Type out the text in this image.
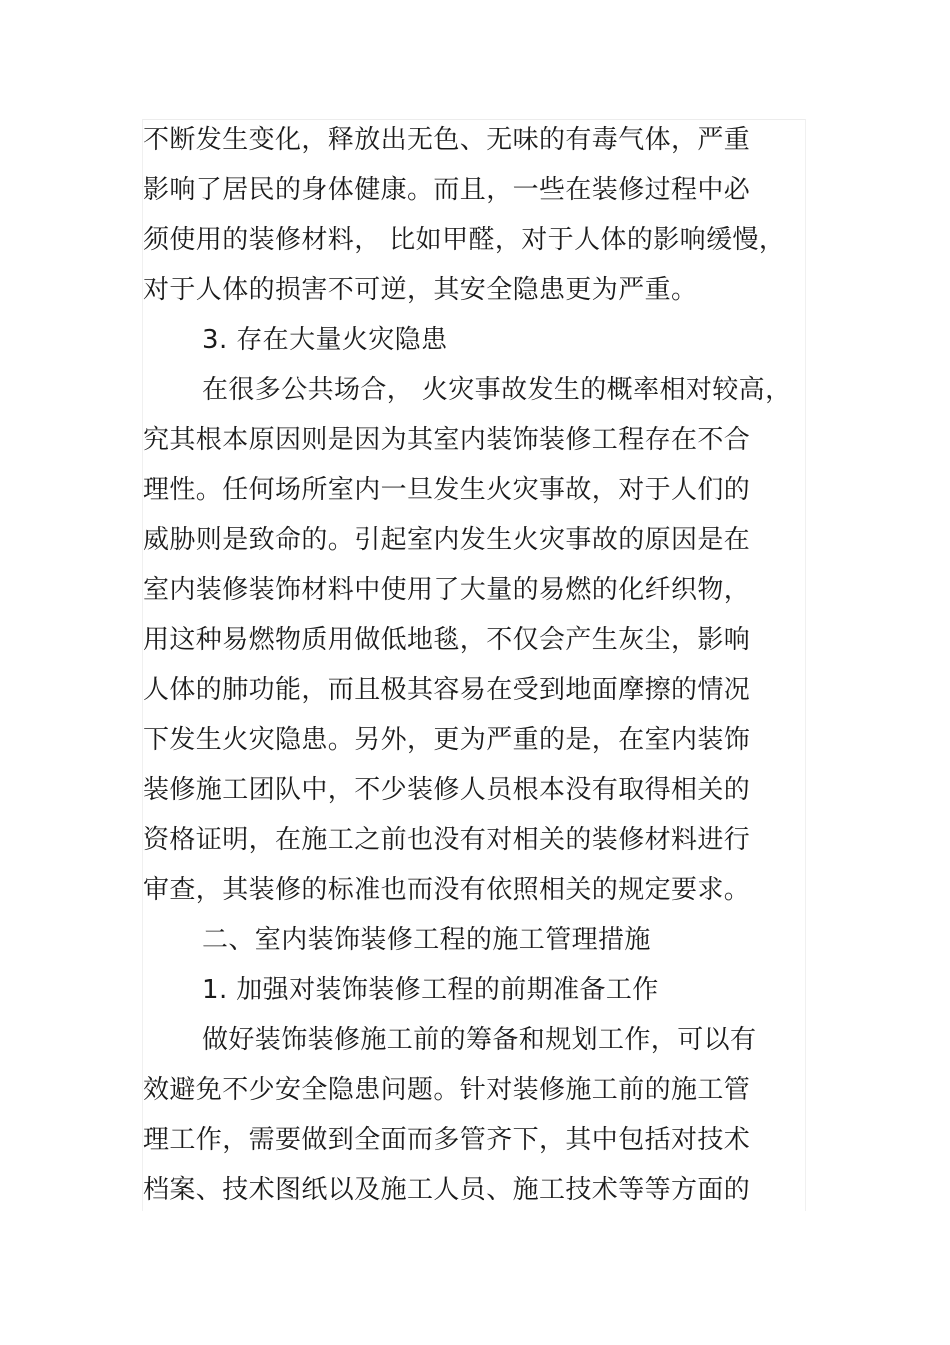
不断发生变化，释放出无色、无味的有毒气体，严重
影响了居民的身体健康。而且，一些在装修过程中必
须使用的装修材料， 比如甲醛，对于人体的影响缓慢，
对于人体的损害不可逆，其安全隐患更为严重。
3. 存在大量火灾隐患
在很多公共场合， 火灾事故发生的概率相对较高，
究其根本原因则是因为其室内装饰装修工程存在不合
理性。任何场所室内一旦发生火灾事故，对于人们的
威胁则是致命的。引起室内发生火灾事故的原因是在
室内装修装饰材料中使用了大量的易燃的化纤织物，
用这种易燃物质用做低地毯，不仅会产生灰尘，影响
人体的肺功能，而且极其容易在受到地面摩擦的情况
下发生火灾隐患。另外，更为严重的是，在室内装饰
装修施工团队中，不少装修人员根本没有取得相关的
资格证明，在施工之前也没有对相关的装修材料进行
审查，其装修的标准也而没有依照相关的规定要求。
二、室内装饰装修工程的施工管理措施
1. 加强对装饰装修工程的前期准备工作
做好装饰装修施工前的筹备和规划工作，可以有
效避免不少安全隐患问题。针对装修施工前的施工管
理工作，需要做到全面而多管齐下，其中包括对技术
档案、技术图纸以及施工人员、施工技术等等方面的
